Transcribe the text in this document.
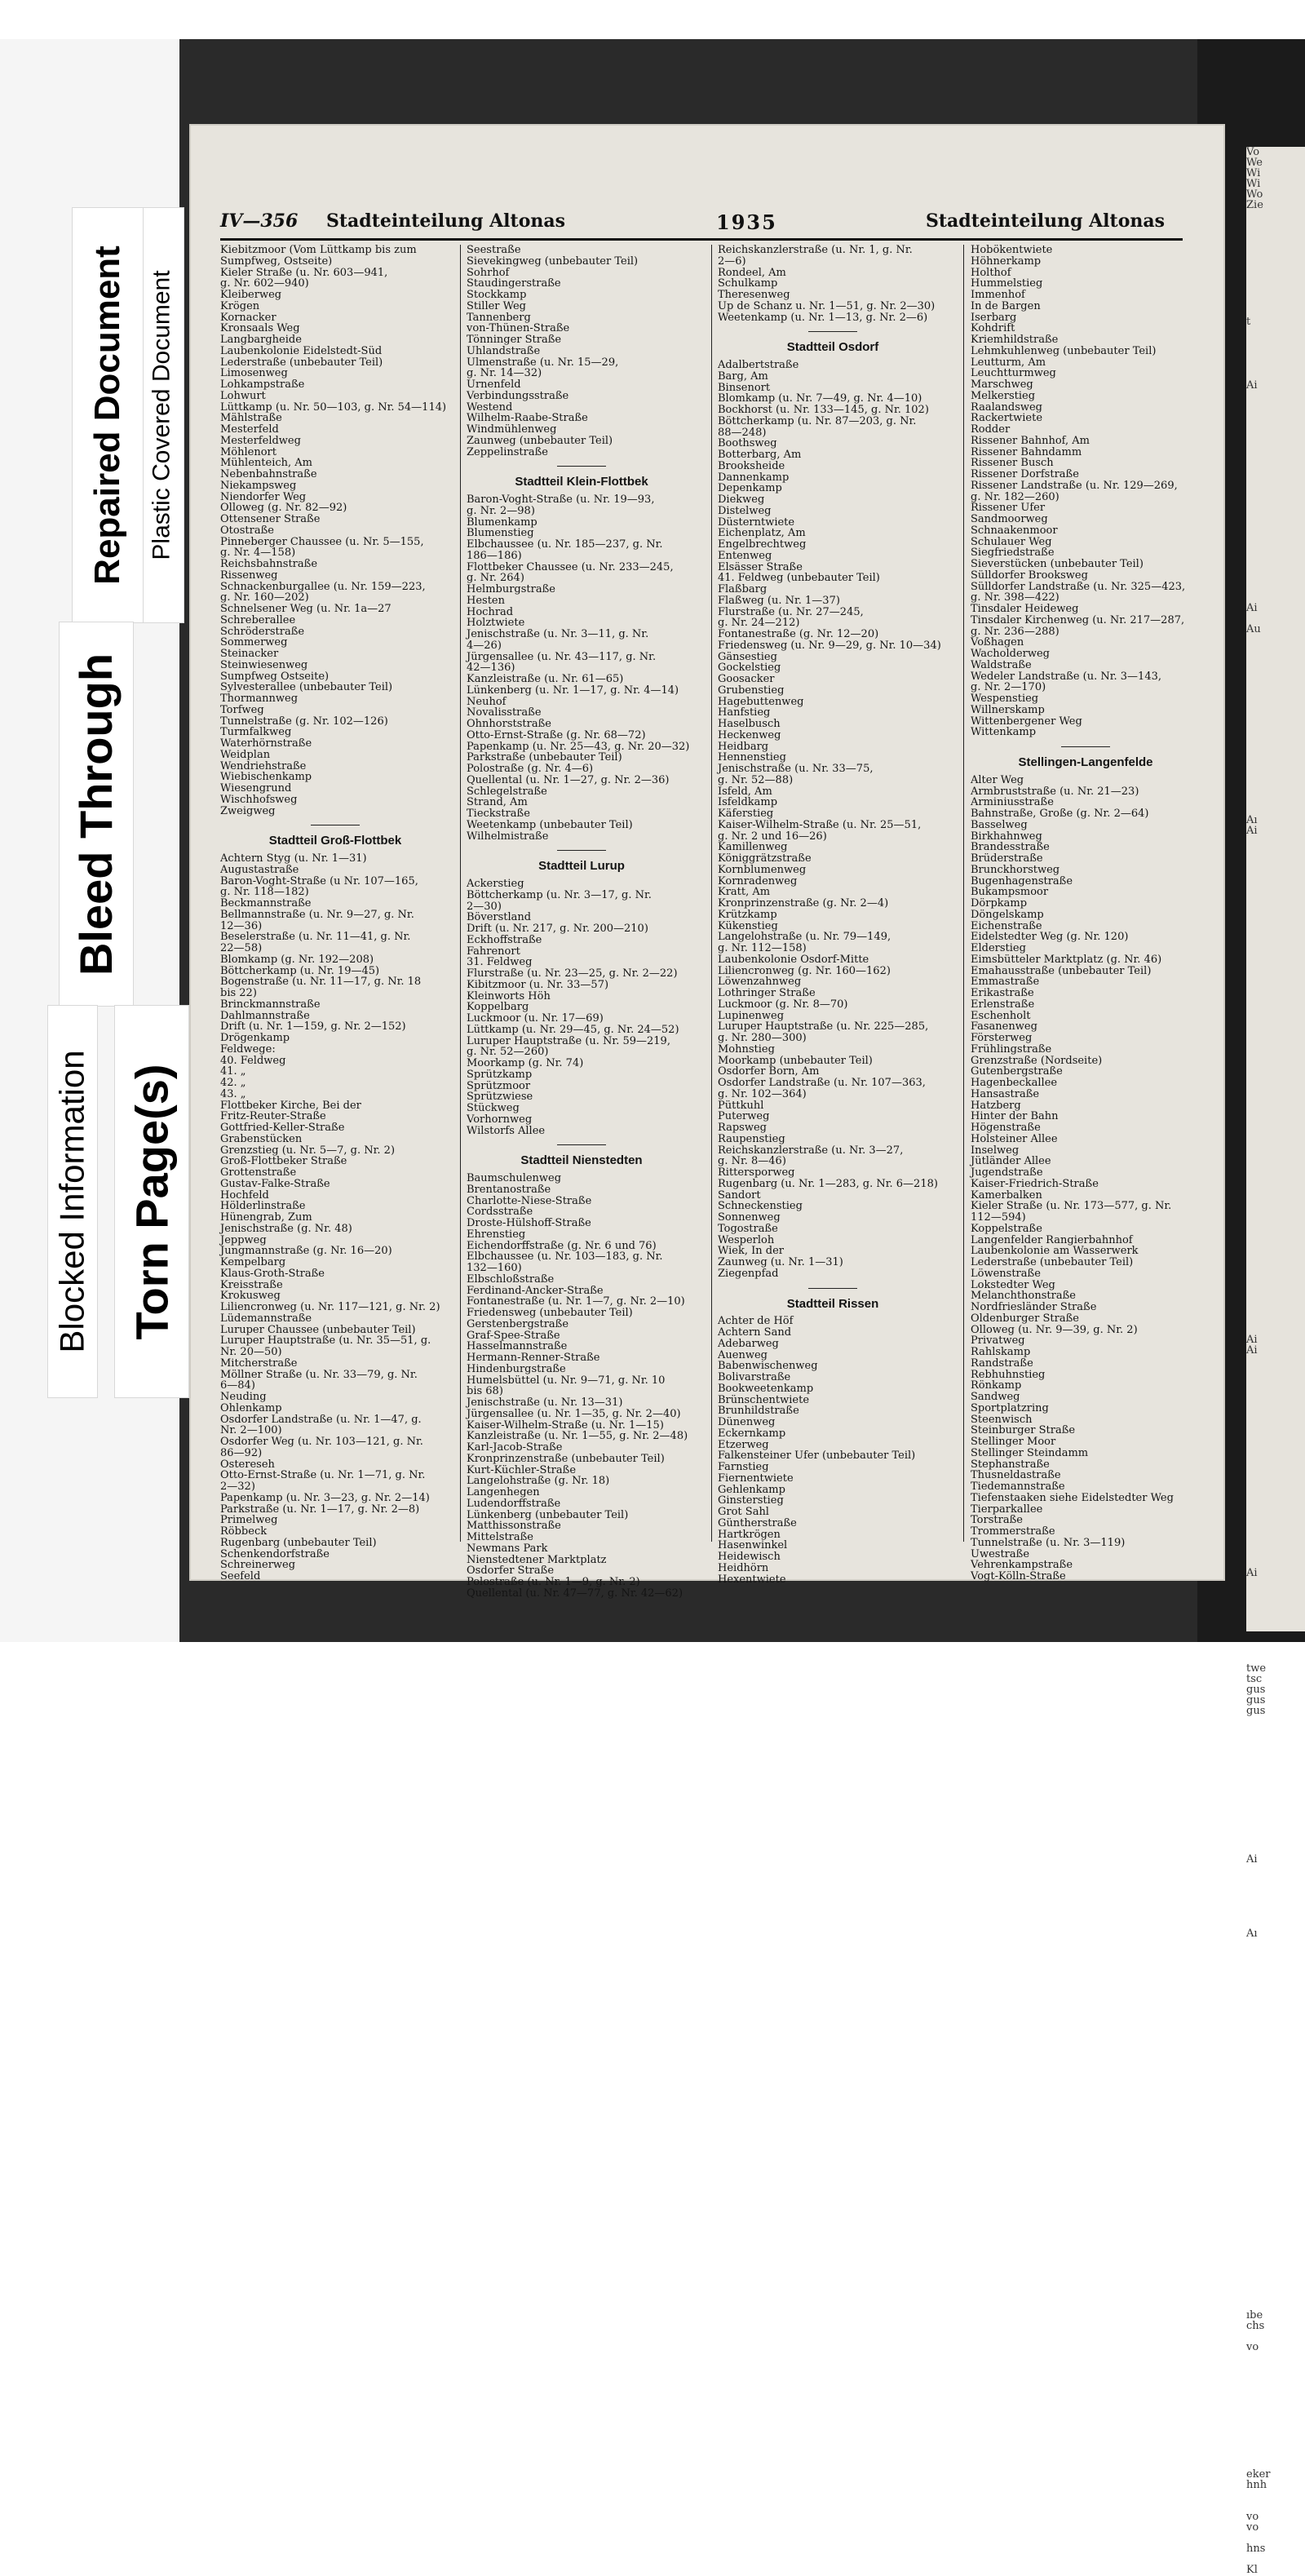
Vo
We
Wi
Wi
Wo
Zie

t

Ai

Ai

Au

Aı
Ai

Ai
Ai

Ai

twe
tsc
gus
gus
gus

Ai

Aı

ıbe
chs

vo

eker
hnh

vo
vo

hns

Kl
IV—356 Stadteinteilung Altonas	1935	Stadteinteilung Altonas
Kiebitzmoor (Vom Lüttkamp bis zum
Sumpfweg, Ostseite)
Kieler Straße (u. Nr. 603—941,
g. Nr. 602—940)
Kleiberweg
Krögen
Kornacker
Kronsaals Weg
Langbargheide
Laubenkolonie Eidelstedt-Süd
Lederstraße (unbebauter Teil)
Limosenweg
Lohkampstraße
Lohwurt
Lüttkamp (u. Nr. 50—103, g. Nr. 54—114)
Mählstraße
Mesterfeld
Mesterfeldweg
Möhlenort
Mühlenteich, Am
Nebenbahnstraße
Niekampsweg
Niendorfer Weg
Olloweg (g. Nr. 82—92)
Ottensener Straße
Otostraße
Pinneberger Chaussee (u. Nr. 5—155,
g. Nr. 4—158)
Reichsbahnstraße
Rissenweg
Schnackenburgallee (u. Nr. 159—223,
g. Nr. 160—202)
Schnelsener Weg (u. Nr. 1a—27
Schreberallee
Schröderstraße
Sommerweg
Steinacker
Steinwiesenweg
Sumpfweg Ostseite)
Sylvesterallee (unbebauter Teil)
Thormannweg
Torfweg
Tunnelstraße (g. Nr. 102—126)
Turmfalkweg
Waterhörnstraße
Weidplan
Wendriehstraße
Wiebischenkamp
Wiesengrund
Wischhofsweg
Zweigweg
Stadtteil Groß-Flottbek
Achtern Styg (u. Nr. 1—31)
Augustastraße
Baron-Voght-Straße (u Nr. 107—165,
g. Nr. 118—182)
Beckmannstraße
Bellmannstraße (u. Nr. 9—27, g. Nr.
12—36)
Beselerstraße (u. Nr. 11—41, g. Nr.
22—58)
Blomkamp (g. Nr. 192—208)
Böttcherkamp (u. Nr. 19—45)
Bogenstraße (u. Nr. 11—17, g. Nr. 18
bis 22)
Brinckmannstraße
Dahlmannstraße
Drift (u. Nr. 1—159, g. Nr. 2—152)
Drögenkamp
Feldwege:
40. Feldweg
41. „
42. „
43. „
Flottbeker Kirche, Bei der
Fritz-Reuter-Straße
Gottfried-Keller-Straße
Grabenstücken
Grenzstieg (u. Nr. 5—7, g. Nr. 2)
Groß-Flottbeker Straße
Grottenstraße
Gustav-Falke-Straße
Hochfeld
Hölderlinstraße
Hünengrab, Zum
Jenischstraße (g. Nr. 48)
Jeppweg
Jungmannstraße (g. Nr. 16—20)
Kempelbarg
Klaus-Groth-Straße
Kreisstraße
Krokusweg
Liliencronweg (u. Nr. 117—121, g. Nr. 2)
Lüdemannstraße
Luruper Chaussee (unbebauter Teil)
Luruper Hauptstraße (u. Nr. 35—51, g.
Nr. 20—50)
Mitcherstraße
Möllner Straße (u. Nr. 33—79, g. Nr.
6—84)
Neuding
Ohlenkamp
Osdorfer Landstraße (u. Nr. 1—47, g.
Nr. 2—100)
Osdorfer Weg (u. Nr. 103—121, g. Nr.
86—92)
Ostereseh
Otto-Ernst-Straße (u. Nr. 1—71, g. Nr.
2—32)
Papenkamp (u. Nr. 3—23, g. Nr. 2—14)
Parkstraße (u. Nr. 1—17, g. Nr. 2—8)
Primelweg
Röbbeck
Rugenbarg (unbebauter Teil)
Schenkendorfstraße
Schreinerweg
Seefeld
Seestraße
Sievekingweg (unbebauter Teil)
Sohrhof
Staudingerstraße
Stockkamp
Stiller Weg
Tannenberg
von-Thünen-Straße
Tönninger Straße
Uhlandstraße
Ulmenstraße (u. Nr. 15—29,
g. Nr. 14—32)
Urnenfeld
Verbindungsstraße
Westend
Wilhelm-Raabe-Straße
Windmühlenweg
Zaunweg (unbebauter Teil)
Zeppelinstraße
Stadtteil Klein-Flottbek
Baron-Voght-Straße (u. Nr. 19—93,
g. Nr. 2—98)
Blumenkamp
Blumenstieg
Elbchaussee (u. Nr. 185—237, g. Nr.
186—186)
Flottbeker Chaussee (u. Nr. 233—245,
g. Nr. 264)
Helmburgstraße
Hesten
Hochrad
Holztwiete
Jenischstraße (u. Nr. 3—11, g. Nr.
4—26)
Jürgensallee (u. Nr. 43—117, g. Nr.
42—136)
Kanzleistraße (u. Nr. 61—65)
Lünkenberg (u. Nr. 1—17, g. Nr. 4—14)
Neuhof
Novalisstraße
Ohnhorststraße
Otto-Ernst-Straße (g. Nr. 68—72)
Papenkamp (u. Nr. 25—43, g. Nr. 20—32)
Parkstraße (unbebauter Teil)
Polostraße (g. Nr. 4—6)
Quellental (u. Nr. 1—27, g. Nr. 2—36)
Schlegelstraße
Strand, Am
Tieckstraße
Weetenkamp (unbebauter Teil)
Wilhelmistraße
Stadtteil Lurup
Ackerstieg
Böttcherkamp (u. Nr. 3—17, g. Nr.
2—30)
Böverstland
Drift (u. Nr. 217, g. Nr. 200—210)
Eckhoffstraße
Fahrenort
31. Feldweg
Flurstraße (u. Nr. 23—25, g. Nr. 2—22)
Kibitzmoor (u. Nr. 33—57)
Kleinworts Höh
Koppelbarg
Luckmoor (u. Nr. 17—69)
Lüttkamp (u. Nr. 29—45, g. Nr. 24—52)
Luruper Hauptstraße (u. Nr. 59—219,
g. Nr. 52—260)
Moorkamp (g. Nr. 74)
Sprützkamp
Sprützmoor
Sprützwiese
Stückweg
Vorhornweg
Wilstorfs Allee
Stadtteil Nienstedten
Baumschulenweg
Brentanostraße
Charlotte-Niese-Straße
Cordsstraße
Droste-Hülshoff-Straße
Ehrenstieg
Eichendorffstraße (g. Nr. 6 und 76)
Elbchaussee (u. Nr. 103—183, g. Nr.
132—160)
Elbschloßstraße
Ferdinand-Ancker-Straße
Fontanestraße (u. Nr. 1—7, g. Nr. 2—10)
Friedensweg (unbebauter Teil)
Gerstenbergstraße
Graf-Spee-Straße
Hasselmannstraße
Hermann-Renner-Straße
Hindenburgstraße
Humelsbüttel (u. Nr. 9—71, g. Nr. 10
bis 68)
Jenischstraße (u. Nr. 13—31)
Jürgensallee (u. Nr. 1—35, g. Nr. 2—40)
Kaiser-Wilhelm-Straße (u. Nr. 1—15)
Kanzleistraße (u. Nr. 1—55, g. Nr. 2—48)
Karl-Jacob-Straße
Kronprinzenstraße (unbebauter Teil)
Kurt-Küchler-Straße
Langelohstraße (g. Nr. 18)
Langenhegen
Ludendorffstraße
Lünkenberg (unbebauter Teil)
Matthissonstraße
Mittelstraße
Newmans Park
Nienstedtener Marktplatz
Osdorfer Straße
Polostraße (u. Nr. 1—9, g. Nr. 2)
Quellental (u. Nr. 47—77, g. Nr. 42—62)
Reichskanzlerstraße (u. Nr. 1, g. Nr.
2—6)
Rondeel, Am
Schulkamp
Theresenweg
Up de Schanz u. Nr. 1—51, g. Nr. 2—30)
Weetenkamp (u. Nr. 1—13, g. Nr. 2—6)
Stadtteil Osdorf
Adalbertstraße
Barg, Am
Binsenort
Blomkamp (u. Nr. 7—49, g. Nr. 4—10)
Bockhorst (u. Nr. 133—145, g. Nr. 102)
Böttcherkamp (u. Nr. 87—203, g. Nr.
88—248)
Boothsweg
Botterbarg, Am
Brooksheide
Dannenkamp
Depenkamp
Diekweg
Distelweg
Düsterntwiete
Eichenplatz, Am
Engelbrechtweg
Entenweg
Elsässer Straße
41. Feldweg (unbebauter Teil)
Flaßbarg
Flaßweg (u. Nr. 1—37)
Flurstraße (u. Nr. 27—245,
g. Nr. 24—212)
Fontanestraße (g. Nr. 12—20)
Friedensweg (u. Nr. 9—29, g. Nr. 10—34)
Gänsestieg
Gockelstieg
Goosacker
Grubenstieg
Hagebuttenweg
Hanfstieg
Haselbusch
Heckenweg
Heidbarg
Hennenstieg
Jenischstraße (u. Nr. 33—75,
g. Nr. 52—88)
Isfeld, Am
Isfeldkamp
Käferstieg
Kaiser-Wilhelm-Straße (u. Nr. 25—51,
g. Nr. 2 und 16—26)
Kamillenweg
Königgrätzstraße
Kornblumenweg
Kornradenweg
Kratt, Am
Kronprinzenstraße (g. Nr. 2—4)
Krützkamp
Kükenstieg
Langelohstraße (u. Nr. 79—149,
g. Nr. 112—158)
Laubenkolonie Osdorf-Mitte
Liliencronweg (g. Nr. 160—162)
Löwenzahnweg
Lothringer Straße
Luckmoor (g. Nr. 8—70)
Lupinenweg
Luruper Hauptstraße (u. Nr. 225—285,
g. Nr. 280—300)
Mohnstieg
Moorkamp (unbebauter Teil)
Osdorfer Born, Am
Osdorfer Landstraße (u. Nr. 107—363,
g. Nr. 102—364)
Püttkuhl
Puterweg
Rapsweg
Raupenstieg
Reichskanzlerstraße (u. Nr. 3—27,
g. Nr. 8—46)
Rittersporweg
Rugenbarg (u. Nr. 1—283, g. Nr. 6—218)
Sandort
Schneckenstieg
Sonnenweg
Togostraße
Wesperloh
Wiek, In der
Zaunweg (u. Nr. 1—31)
Ziegenpfad
Stadtteil Rissen
Achter de Höf
Achtern Sand
Adebarweg
Auenweg
Babenwischenweg
Bolivarstraße
Bookweetenkamp
Brünschentwiete
Brunhildstraße
Dünenweg
Eckernkamp
Etzerweg
Falkensteiner Ufer (unbebauter Teil)
Farnstieg
Fiernentwiete
Gehlenkamp
Ginsterstieg
Grot Sahl
Güntherstraße
Hartkrögen
Hasenwinkel
Heidewisch
Heidhörn
Hexentwiete
Hobökentwiete
Höhnerkamp
Holthof
Hummelstieg
Immenhof
In de Bargen
Iserbarg
Kohdrift
Kriemhildstraße
Lehmkuhlenweg (unbebauter Teil)
Leutturm, Am
Leuchtturmweg
Marschweg
Melkerstieg
Raalandsweg
Rackertwiete
Rodder
Rissener Bahnhof, Am
Rissener Bahndamm
Rissener Busch
Rissener Dorfstraße
Rissener Landstraße (u. Nr. 129—269,
g. Nr. 182—260)
Rissener Ufer
Sandmoorweg
Schnaakenmoor
Schulauer Weg
Siegfriedstraße
Sieverstücken (unbebauter Teil)
Sülldorfer Brooksweg
Sülldorfer Landstraße (u. Nr. 325—423,
g. Nr. 398—422)
Tinsdaler Heideweg
Tinsdaler Kirchenweg (u. Nr. 217—287,
g. Nr. 236—288)
Voßhagen
Wacholderweg
Waldstraße
Wedeler Landstraße (u. Nr. 3—143,
g. Nr. 2—170)
Wespenstieg
Willnerskamp
Wittenbergener Weg
Wittenkamp
Stellingen-Langenfelde
Alter Weg
Armbruststraße (u. Nr. 21—23)
Arminiusstraße
Bahnstraße, Große (g. Nr. 2—64)
Basselweg
Birkhahnweg
Brandesstraße
Brüderstraße
Brunckhorstweg
Bugenhagenstraße
Bukampsmoor
Dörpkamp
Döngelskamp
Eichenstraße
Eidelstedter Weg (g. Nr. 120)
Elderstieg
Eimsbütteler Marktplatz (g. Nr. 46)
Emahausstraße (unbebauter Teil)
Emmastraße
Erikastraße
Erlenstraße
Eschenholt
Fasanenweg
Försterweg
Frühlingstraße
Grenzstraße (Nordseite)
Gutenbergstraße
Hagenbeckallee
Hansastraße
Hatzberg
Hinter der Bahn
Högenstraße
Holsteiner Allee
Inselweg
Jütländer Allee
Jugendstraße
Kaiser-Friedrich-Straße
Kamerbalken
Kieler Straße (u. Nr. 173—577, g. Nr.
112—594)
Koppelstraße
Langenfelder Rangierbahnhof
Laubenkolonie am Wasserwerk
Lederstraße (unbebauter Teil)
Löwenstraße
Lokstedter Weg
Melanchthonstraße
Nordfriesländer Straße
Oldenburger Straße
Olloweg (u. Nr. 9—39, g. Nr. 2)
Privatweg
Rahlskamp
Randstraße
Rebhuhnstieg
Rönkamp
Sandweg
Sportplatzring
Steenwisch
Steinburger Straße
Stellinger Moor
Stellinger Steindamm
Stephanstraße
Thusneldastraße
Tiedemannstraße
Tiefenstaaken siehe Eidelstedter Weg
Tierparkallee
Torstraße
Trommerstraße
Tunnelstraße (u. Nr. 3—119)
Uwestraße
Vehrenkampstraße
Vogt-Kölln-Straße
Plastic Covered Document
Repaired Document
Bleed Through
Blocked Information Torn Page(s)
